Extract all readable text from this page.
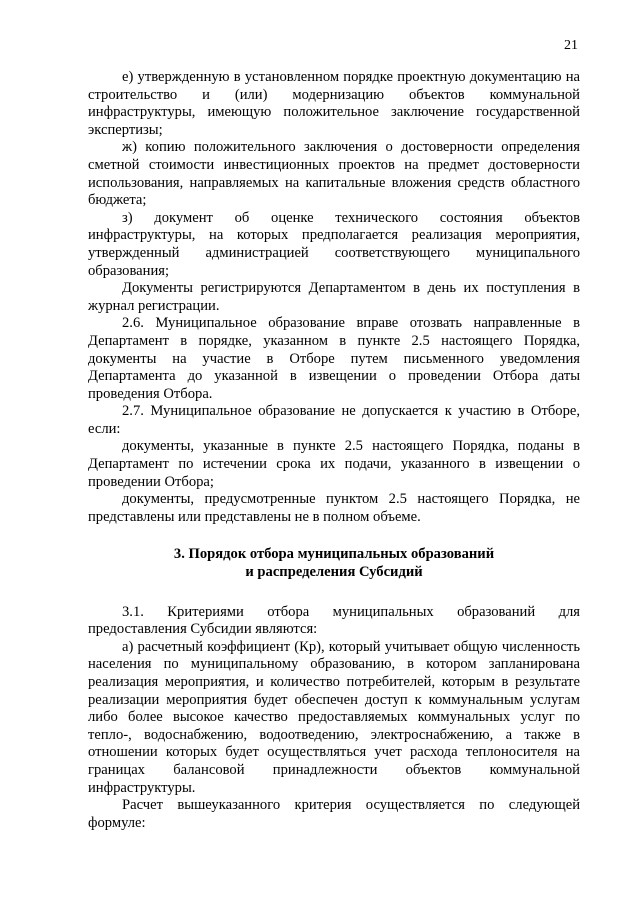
21

е) утвержденную в установленном порядке проектную документацию на строительство и (или) модернизацию объектов коммунальной инфраструктуры, имеющую положительное заключение государственной экспертизы;

ж) копию положительного заключения о достоверности определения сметной стоимости инвестиционных проектов на предмет достоверности использования, направляемых на капитальные вложения средств областного бюджета;

з) документ об оценке технического состояния объектов инфраструктуры, на которых предполагается реализация мероприятия, утвержденный администрацией соответствующего муниципального образования;

Документы регистрируются Департаментом в день их поступления в журнал регистрации.

2.6. Муниципальное образование вправе отозвать направленные в Департамент в порядке, указанном в пункте 2.5 настоящего Порядка, документы на участие в Отборе путем письменного уведомления Департамента до указанной в извещении о проведении Отбора даты проведения Отбора.

2.7. Муниципальное образование не допускается к участию в Отборе, если:

документы, указанные в пункте 2.5 настоящего Порядка, поданы в Департамент по истечении срока их подачи, указанного в извещении о проведении Отбора;

документы, предусмотренные пунктом 2.5 настоящего Порядка, не представлены или представлены не в полном объеме.

3. Порядок отбора муниципальных образований
и распределения Субсидий

3.1. Критериями отбора муниципальных образований для предоставления Субсидии являются:

а) расчетный коэффициент (Кр), который учитывает общую численность населения по муниципальному образованию, в котором запланирована реализация мероприятия, и количество потребителей, которым в результате реализации мероприятия будет обеспечен доступ к коммунальным услугам либо более высокое качество предоставляемых коммунальных услуг по тепло-, водоснабжению, водоотведению, электроснабжению, а также в отношении которых будет осуществляться учет расхода теплоносителя на границах балансовой принадлежности объектов коммунальной инфраструктуры.

Расчет вышеуказанного критерия осуществляется по следующей формуле:
